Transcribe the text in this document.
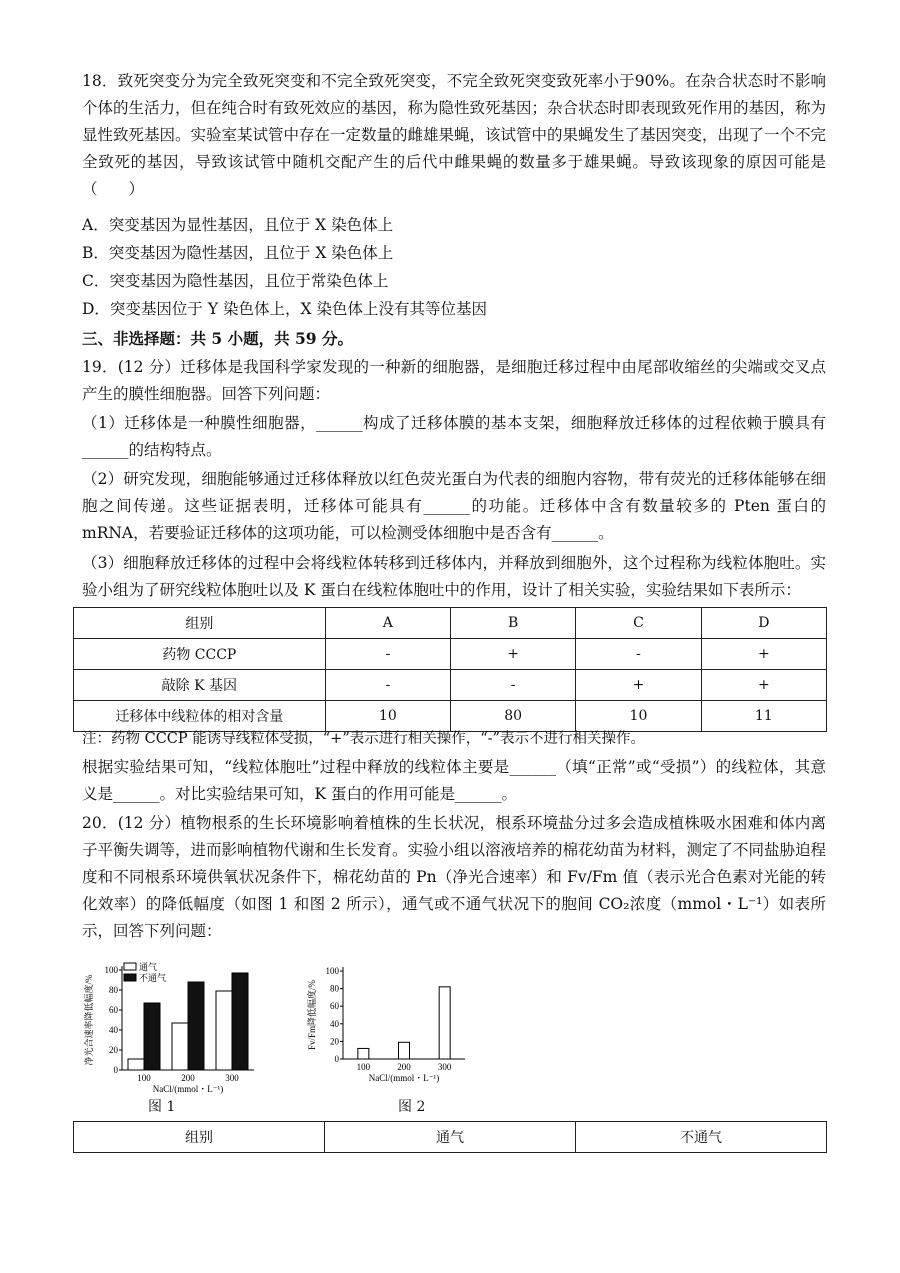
18．致死突变分为完全致死突变和不完全致死突变，不完全致死突变致死率小于90%。在杂合状态时不影响个体的生活力，但在纯合时有致死效应的基因，称为隐性致死基因；杂合状态时即表现致死作用的基因，称为显性致死基因。实验室某试管中存在一定数量的雌雄果蝇，该试管中的果蝇发生了基因突变，出现了一个不完全致死的基因，导致该试管中随机交配产生的后代中雌果蝇的数量多于雄果蝇。导致该现象的原因可能是（　　）
A．突变基因为显性基因，且位于 X 染色体上
B．突变基因为隐性基因，且位于 X 染色体上
C．突变基因为隐性基因，且位于常染色体上
D．突变基因位于 Y 染色体上，X 染色体上没有其等位基因
三、非选择题：共 5 小题，共 59 分。
19．(12 分）迁移体是我国科学家发现的一种新的细胞器，是细胞迁移过程中由尾部收缩丝的尖端或交叉点产生的膜性细胞器。回答下列问题：
（1）迁移体是一种膜性细胞器，______构成了迁移体膜的基本支架，细胞释放迁移体的过程依赖于膜具有______的结构特点。
（2）研究发现，细胞能够通过迁移体释放以红色荧光蛋白为代表的细胞内容物，带有荧光的迁移体能够在细胞之间传递。这些证据表明，迁移体可能具有______的功能。迁移体中含有数量较多的 Pten 蛋白的 mRNA，若要验证迁移体的这项功能，可以检测受体细胞中是否含有______。
（3）细胞释放迁移体的过程中会将线粒体转移到迁移体内，并释放到细胞外，这个过程称为线粒体胞吐。实验小组为了研究线粒体胞吐以及 K 蛋白在线粒体胞吐中的作用，设计了相关实验，实验结果如下表所示：
组别	A	B	C	D
药物 CCCP	-	+	-	+
敲除 K 基因	-	-	+	+
迁移体中线粒体的相对含量	10	80	10	11
注：药物 CCCP 能诱导线粒体受损，“+”表示进行相关操作，“-”表示不进行相关操作。
根据实验结果可知，“线粒体胞吐”过程中释放的线粒体主要是______（填“正常”或“受损”）的线粒体，其意义是______。对比实验结果可知，K 蛋白的作用可能是______。
20．(12 分）植物根系的生长环境影响着植株的生长状况，根系环境盐分过多会造成植株吸水困难和体内离子平衡失调等，进而影响植物代谢和生长发育。实验小组以溶液培养的棉花幼苗为材料，测定了不同盐胁迫程度和不同根系环境供氧状况条件下，棉花幼苗的 Pn（净光合速率）和 Fv/Fm 值（表示光合色素对光能的转化效率）的降低幅度（如图 1 和图 2 所示），通气或不通气状况下的胞间 CO₂浓度（mmol・L⁻¹）如表所示，回答下列问题：
0
20
40
60
80
100
净光合速率降低幅度/%
100	200	300
NaCl/(mmol・L⁻¹)
通气
不通气
图 1
0
20
40
60
80
100
Fv/Fm降低幅度/%
100	200	300
NaCl/(mmol・L⁻¹)
图 2
组别	通气	不通气
